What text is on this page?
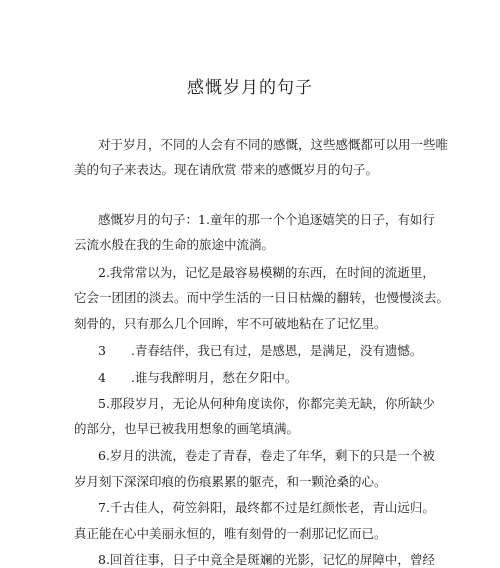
感慨岁月的句子
对于岁月，不同的人会有不同的感慨，这些感慨都可以用一些唯
美的句子来表达。现在请欣赏 带来的感慨岁月的句子。
感慨岁月的句子：1.童年的那一个个追逐嬉笑的日子，有如行
云流水般在我的生命的旅途中流淌。
2.我常常以为，记忆是最容易模糊的东西，在时间的流逝里，
它会一团团的淡去。而中学生活的一日日枯燥的翻转，也慢慢淡去。
刻骨的，只有那么几个回眸，牢不可破地粘在了记忆里。
3　　.青春结伴，我已有过，是感恩，是满足，没有遗憾。
4　　.谁与我醉明月，愁在夕阳中。
5.那段岁月，无论从何种角度读你，你都完美无缺，你所缺少
的部分，也早已被我用想象的画笔填满。
6.岁月的洪流，卷走了青春，卷走了年华，剩下的只是一个被
岁月刻下深深印痕的伤痕累累的躯壳，和一颗沧桑的心。
7.千古佳人，荷笠斜阳，最终都不过是红颜怅老，青山远归。
真正能在心中美丽永恒的，唯有刻骨的一刹那记忆而已。
8.回首往事，日子中竟全是斑斓的光影，记忆的屏障中，曾经
